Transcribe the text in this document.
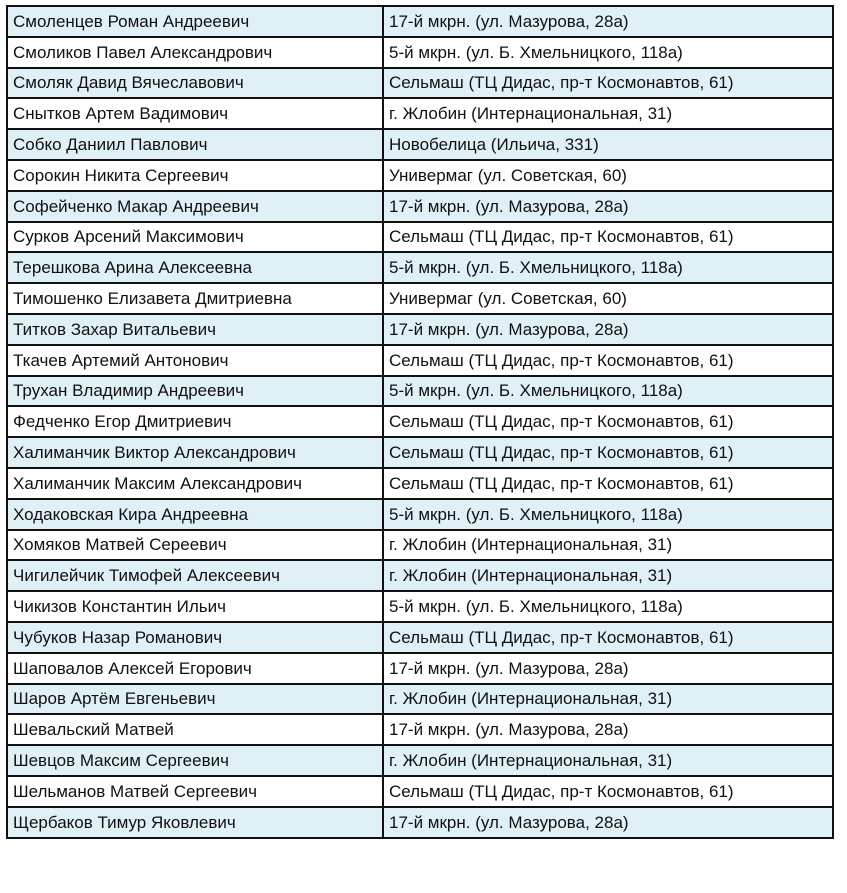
Смоленцев Роман Андреевич	17-й мкрн. (ул. Мазурова, 28а)
Смоликов Павел Александрович	5-й мкрн. (ул. Б. Хмельницкого, 118а)
Смоляк Давид Вячеславович	Сельмаш (ТЦ Дидас, пр-т Космонавтов, 61)
Снытков Артем Вадимович	г. Жлобин (Интернациональная, 31)
Собко Даниил Павлович	Новобелица (Ильича, 331)
Сорокин Никита Сергеевич	Универмаг (ул. Советская, 60)
Софейченко Макар Андреевич	17-й мкрн. (ул. Мазурова, 28а)
Сурков Арсений Максимович	Сельмаш (ТЦ Дидас, пр-т Космонавтов, 61)
Терешкова Арина Алексеевна	5-й мкрн. (ул. Б. Хмельницкого, 118а)
Тимошенко Елизавета Дмитриевна	Универмаг (ул. Советская, 60)
Титков Захар Витальевич	17-й мкрн. (ул. Мазурова, 28а)
Ткачев Артемий Антонович	Сельмаш (ТЦ Дидас, пр-т Космонавтов, 61)
Трухан Владимир Андреевич	5-й мкрн. (ул. Б. Хмельницкого, 118а)
Федченко Егор Дмитриевич	Сельмаш (ТЦ Дидас, пр-т Космонавтов, 61)
Халиманчик Виктор Александрович	Сельмаш (ТЦ Дидас, пр-т Космонавтов, 61)
Халиманчик Максим Александрович	Сельмаш (ТЦ Дидас, пр-т Космонавтов, 61)
Ходаковская Кира Андреевна	5-й мкрн. (ул. Б. Хмельницкого, 118а)
Хомяков Матвей Сереевич	г. Жлобин (Интернациональная, 31)
Чигилейчик Тимофей Алексеевич	г. Жлобин (Интернациональная, 31)
Чикизов Константин Ильич	5-й мкрн. (ул. Б. Хмельницкого, 118а)
Чубуков Назар Романович	Сельмаш (ТЦ Дидас, пр-т Космонавтов, 61)
Шаповалов Алексей Егорович	17-й мкрн. (ул. Мазурова, 28а)
Шаров Артём Евгеньевич	г. Жлобин (Интернациональная, 31)
Шевальский Матвей	17-й мкрн. (ул. Мазурова, 28а)
Шевцов Максим Сергеевич	г. Жлобин (Интернациональная, 31)
Шельманов Матвей Сергеевич	Сельмаш (ТЦ Дидас, пр-т Космонавтов, 61)
Щербаков Тимур Яковлевич	17-й мкрн. (ул. Мазурова, 28а)
